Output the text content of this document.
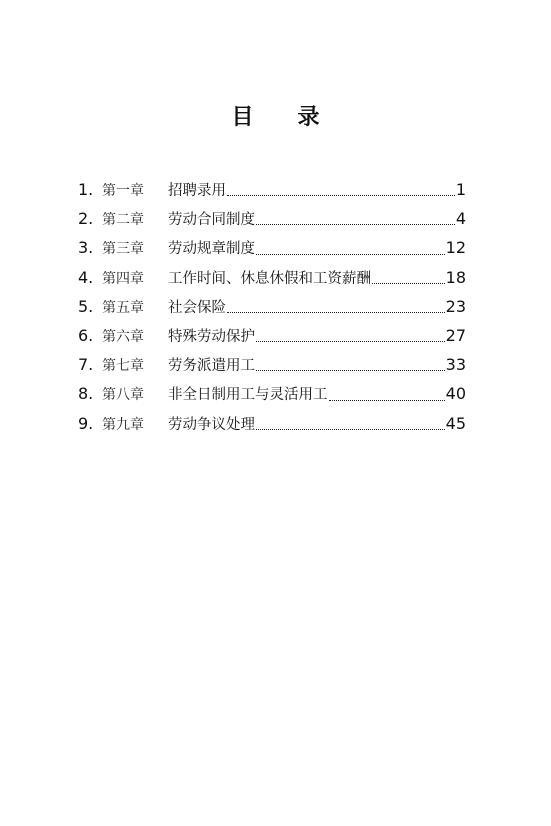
目 录
1. 第一章	招聘录用	1
2. 第二章	劳动合同制度	4
3. 第三章	劳动规章制度	12
4. 第四章	工作时间、休息休假和工资薪酬	18
5. 第五章	社会保险	23
6. 第六章	特殊劳动保护	27
7. 第七章	劳务派遣用工	33
8. 第八章	非全日制用工与灵活用工	40
9. 第九章	劳动争议处理	45
